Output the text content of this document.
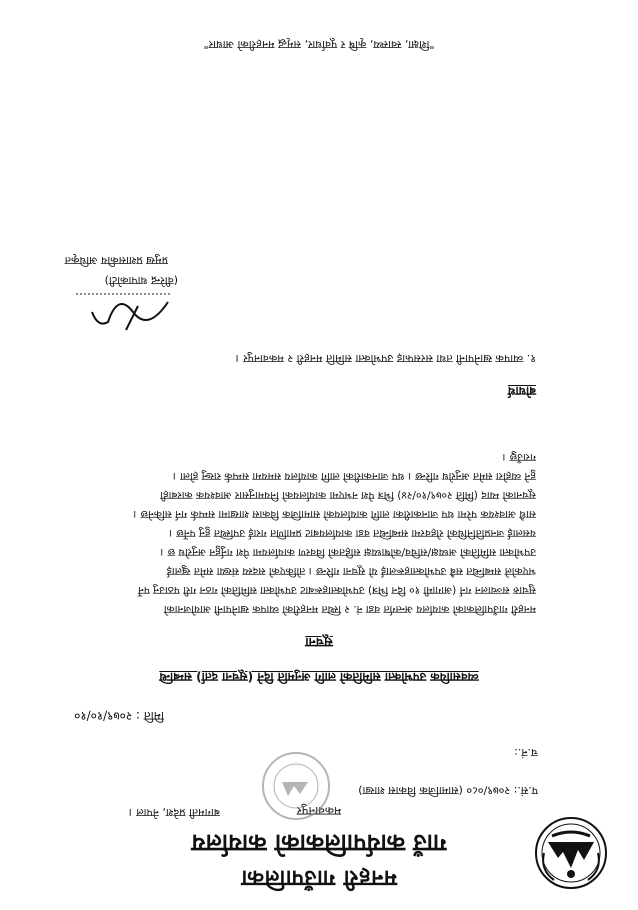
मनहरी गाउँपालिका
गाउँ कार्यपालिकाको कार्यालय
मकवानपुर
बागमती प्रदेश, नेपाल ।
प.सं.: २०७९/०८० (सामाजिक विकास शाखा)
च.नं.:
मिति : २०७९/१०/१०
व्यवसायिक उपभोक्ता समितिको लागि अनुमति दिने (सूचना दर्ता) सम्बन्धि
सूचना
मनहरी गाउँपालिकाको कार्यालय अन्तर्गत वडा नं. २ स्थित मनहरीको व्यापक खानेपानी आयोजनाको
सुचारु सञ्चालन गर्न (आगामी १० दिन भित्र) उपभोक्ताहरूबाट उपभोक्ता समितिको गठन गरी पठाउनु पर्ने
भएकोले सम्बन्धित सबै उपभोक्ताहरूलाई यो सूचना गरिन्छ । तोकिएको सदस्य संख्या समेत खुलाई
उपभोक्ता समितिको अध्यक्ष/सचिव/कोषाध्यक्ष सहितको विवरण कार्यालयमा पेश गर्नुहुन अनुरोध छ ।
यसलाई जनप्रतिनिधिको रोहवरमा सम्बन्धित वडा कार्यालयबाट प्रमाणित गराई उपस्थित हुनु पर्नेछ ।
साथै आवश्यक परेमा थप जानकारीका लागि कार्यालयको सामाजिक विकास शाखामा सम्पर्क गर्न सकिनेछ ।
सूचनाको म्याद (मिति २०७९/१०/२४) भित्र पेश नभएमा कार्यालयको नियमानुसार आवश्यक कारबाही
हुने व्यहोरा समेत अनुरोध गरिन्छ । थप जानकारीको लागि कार्यालय समयमा सम्पर्क राख्नु होला ।
गराउँछु ।
बोधार्थ
१. व्यापक खानेपानी तथा सरसफाइ उपभोक्ता समिति मनहरी २ मकवानपुर ।
(वीरेन्द्र थापाकोटी)
प्रमुख प्रशासकीय अधिकृत
"शिक्षा, स्वास्थ्य, कृषि र पूर्वाधार, समृद्ध मनहरीको आधार"
